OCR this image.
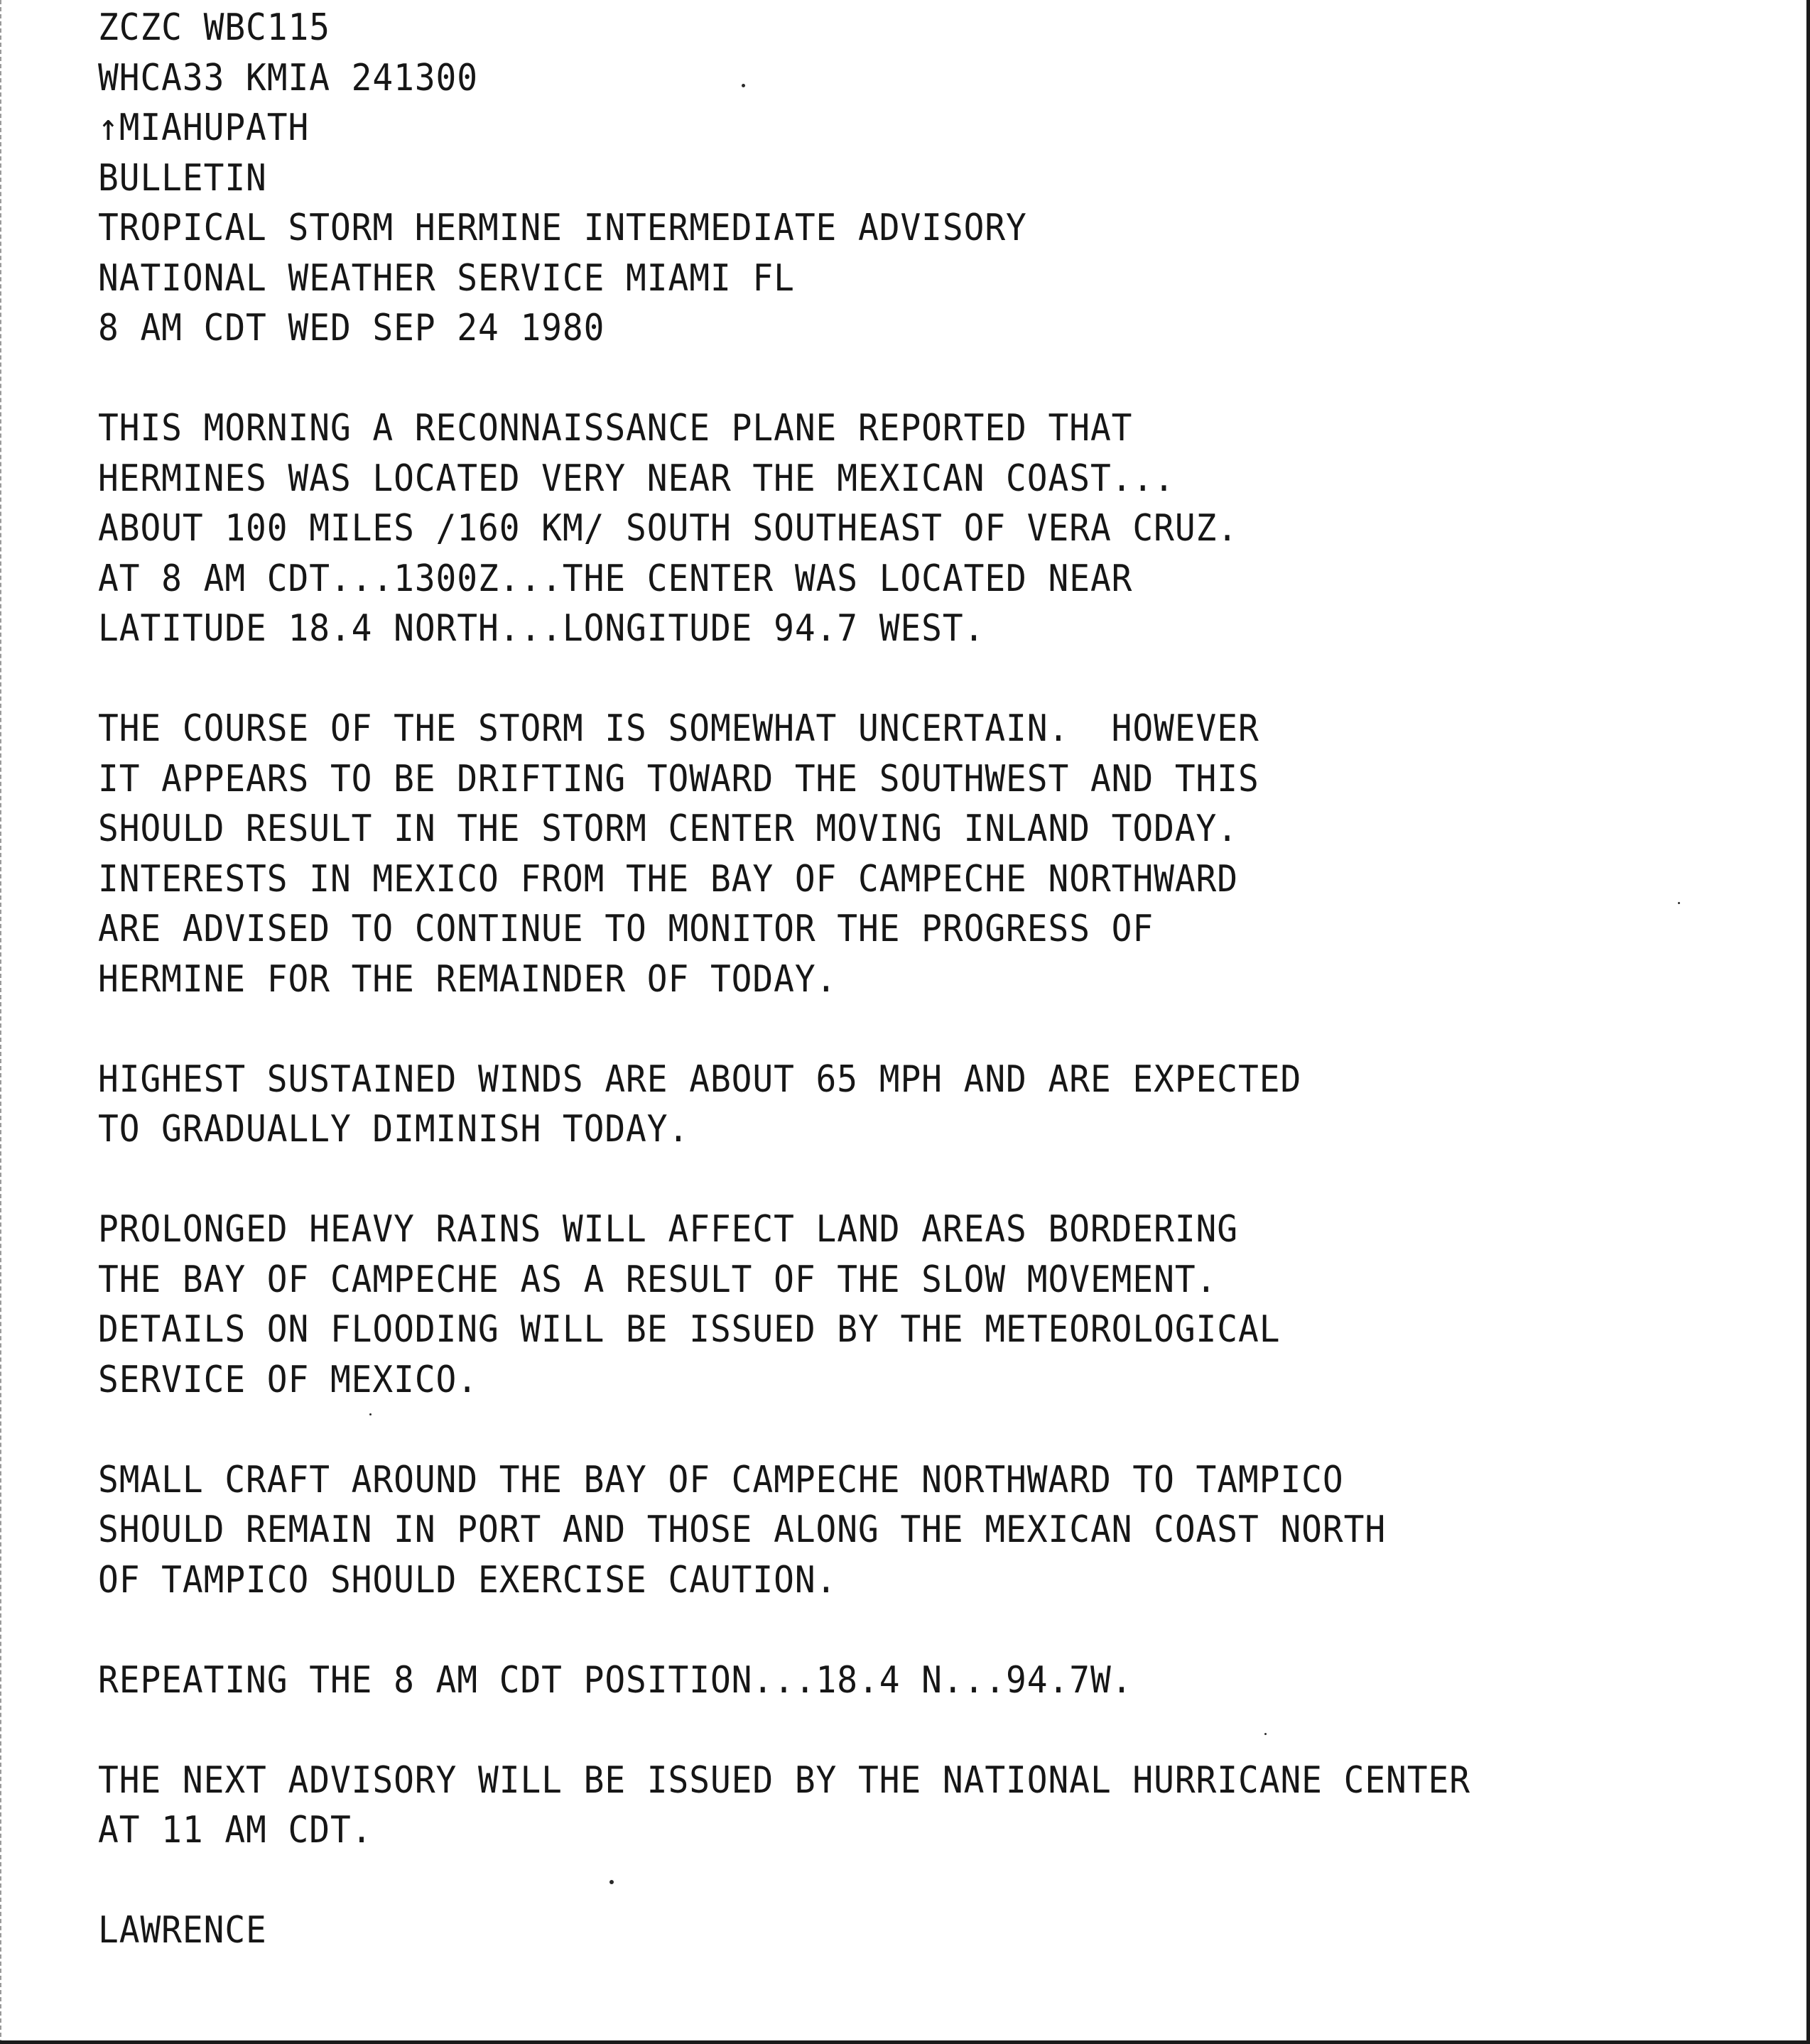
ZCZC WBC115
WHCA33 KMIA 241300
↑MIAHUPATH
BULLETIN
TROPICAL STORM HERMINE INTERMEDIATE ADVISORY
NATIONAL WEATHER SERVICE MIAMI FL
8 AM CDT WED SEP 24 1980
THIS MORNING A RECONNAISSANCE PLANE REPORTED THAT
HERMINES WAS LOCATED VERY NEAR THE MEXICAN COAST...
ABOUT 100 MILES /160 KM/ SOUTH SOUTHEAST OF VERA CRUZ.
AT 8 AM CDT...1300Z...THE CENTER WAS LOCATED NEAR
LATITUDE 18.4 NORTH...LONGITUDE 94.7 WEST.
THE COURSE OF THE STORM IS SOMEWHAT UNCERTAIN.  HOWEVER
IT APPEARS TO BE DRIFTING TOWARD THE SOUTHWEST AND THIS
SHOULD RESULT IN THE STORM CENTER MOVING INLAND TODAY.
INTERESTS IN MEXICO FROM THE BAY OF CAMPECHE NORTHWARD
ARE ADVISED TO CONTINUE TO MONITOR THE PROGRESS OF
HERMINE FOR THE REMAINDER OF TODAY.
HIGHEST SUSTAINED WINDS ARE ABOUT 65 MPH AND ARE EXPECTED
TO GRADUALLY DIMINISH TODAY.
PROLONGED HEAVY RAINS WILL AFFECT LAND AREAS BORDERING
THE BAY OF CAMPECHE AS A RESULT OF THE SLOW MOVEMENT.
DETAILS ON FLOODING WILL BE ISSUED BY THE METEOROLOGICAL
SERVICE OF MEXICO.
SMALL CRAFT AROUND THE BAY OF CAMPECHE NORTHWARD TO TAMPICO
SHOULD REMAIN IN PORT AND THOSE ALONG THE MEXICAN COAST NORTH
OF TAMPICO SHOULD EXERCISE CAUTION.
REPEATING THE 8 AM CDT POSITION...18.4 N...94.7W.
THE NEXT ADVISORY WILL BE ISSUED BY THE NATIONAL HURRICANE CENTER
AT 11 AM CDT.
LAWRENCE
